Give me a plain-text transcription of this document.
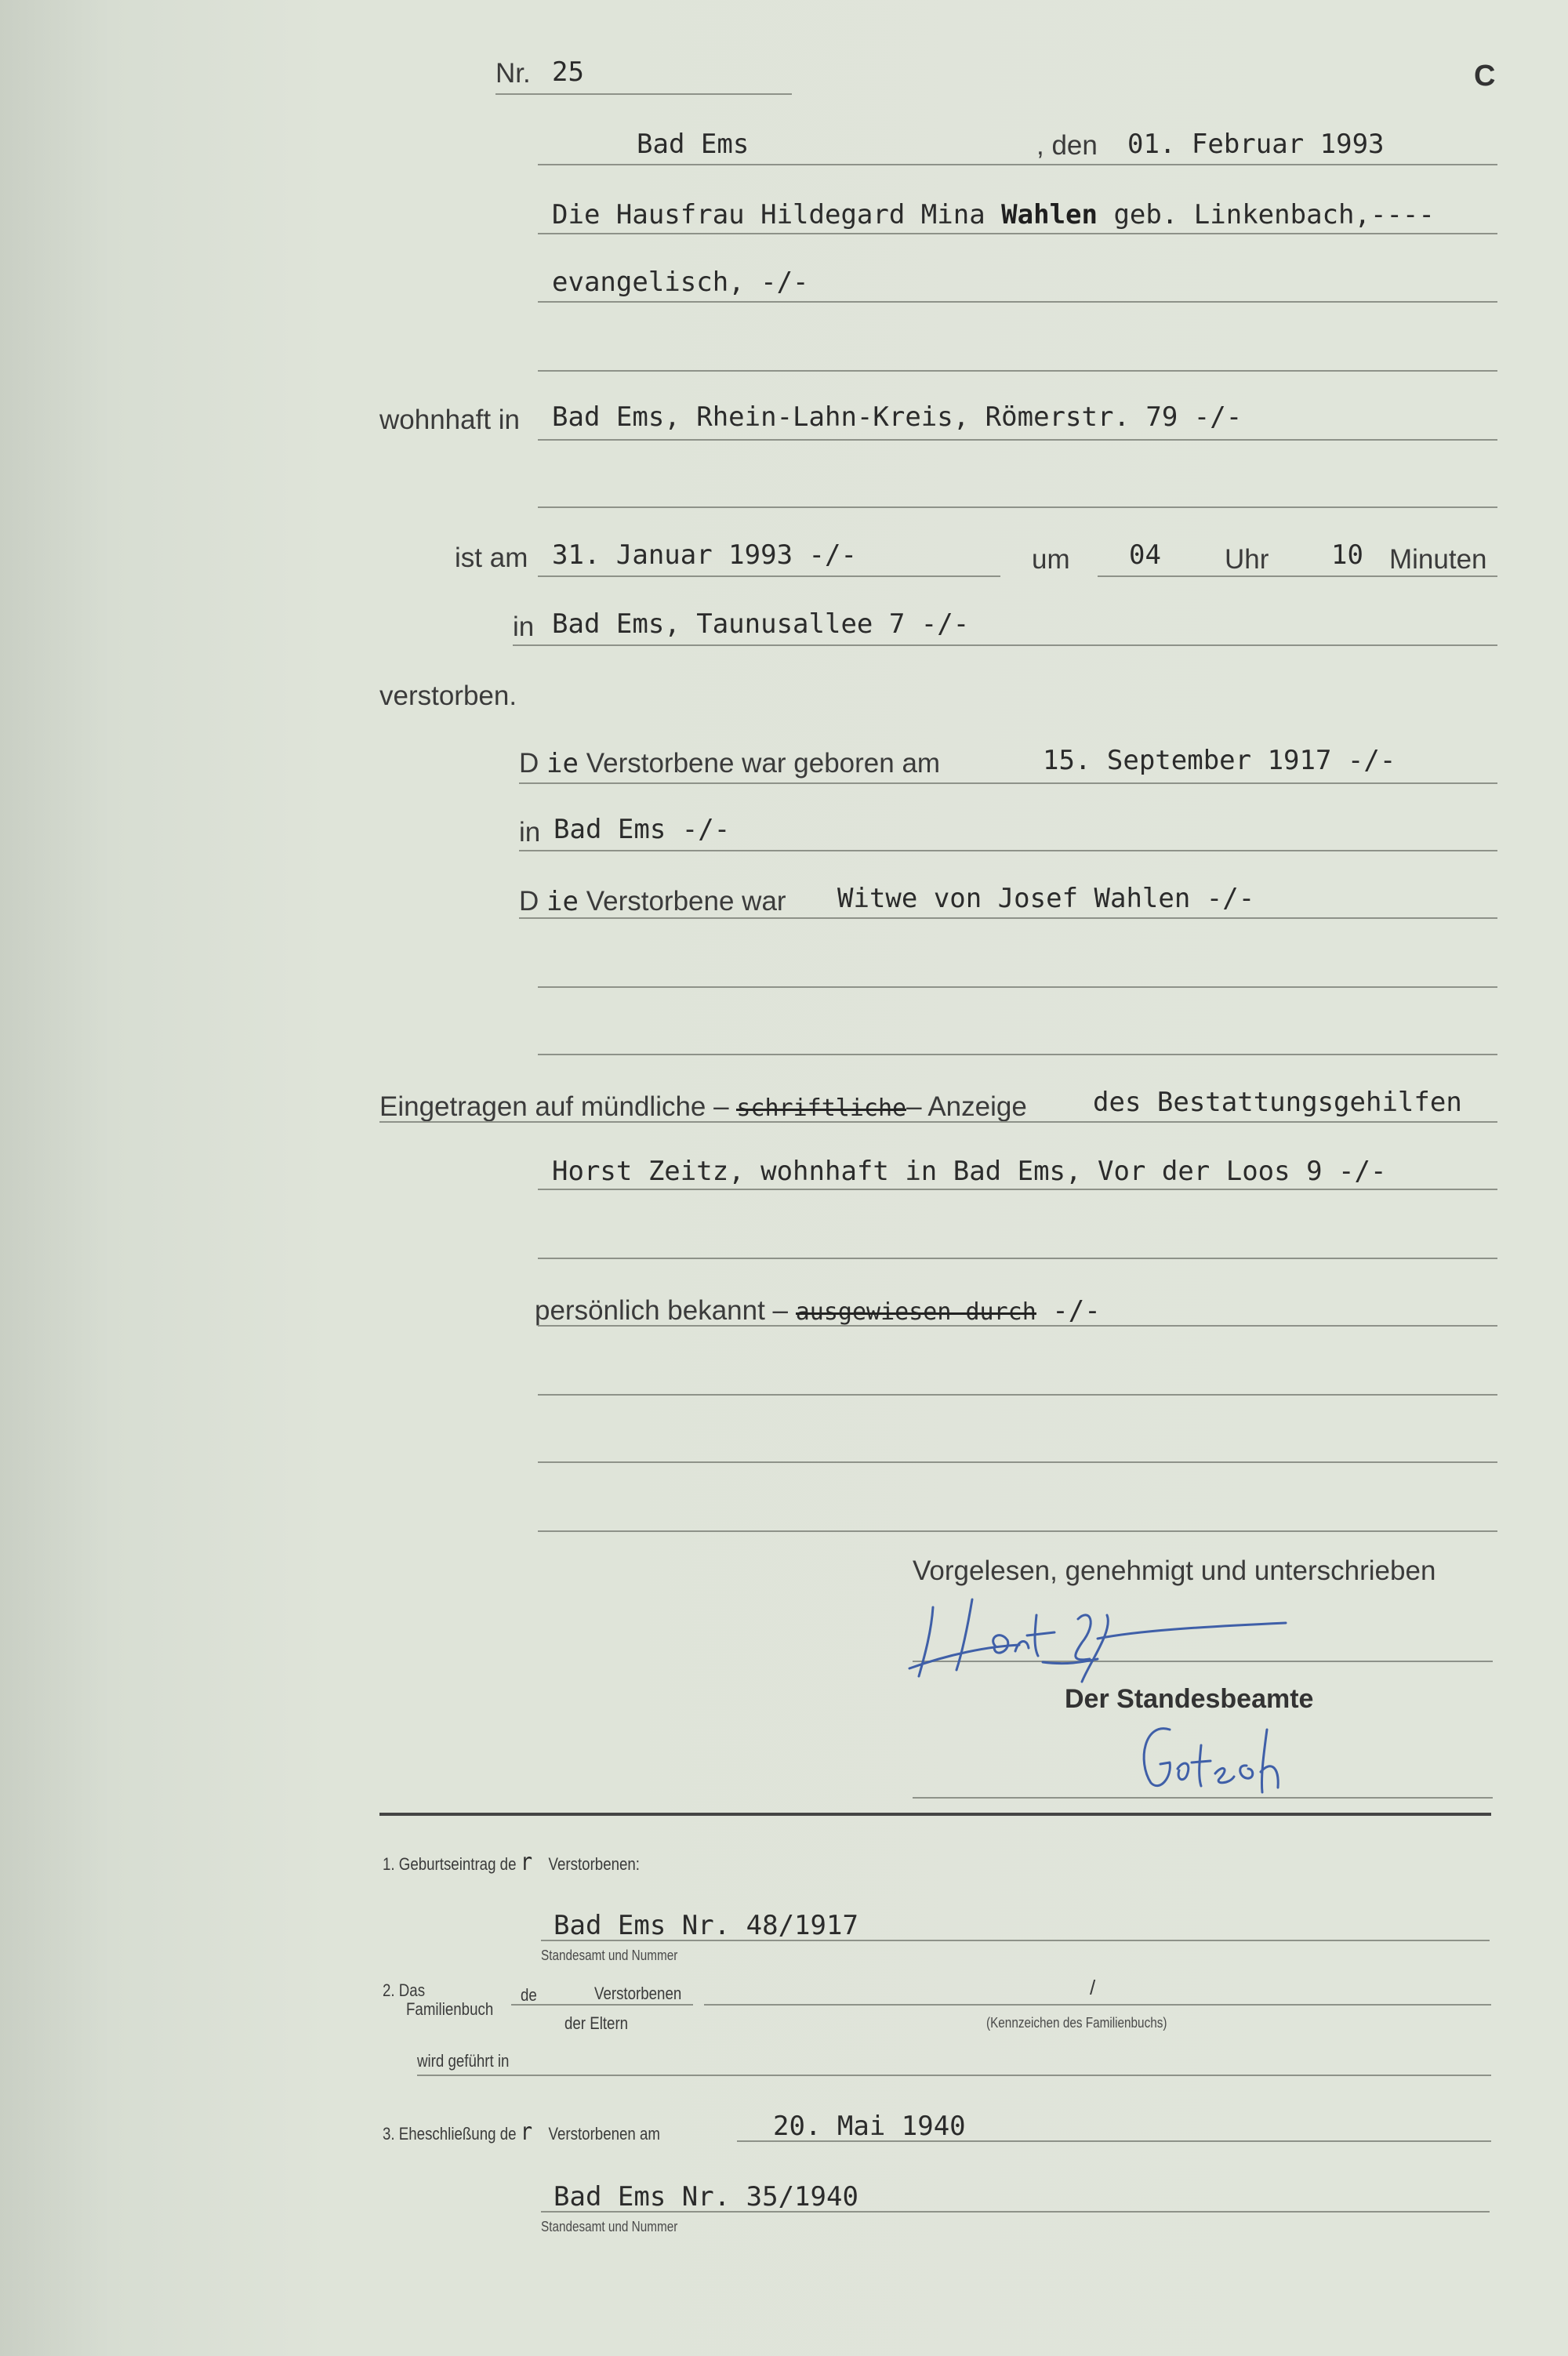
Nr. 25	C
Bad Ems	, den 01. Februar 1993
Die Hausfrau Hildegard Mina Wahlen geb. Linkenbach,----
evangelisch, -/-
wohnhaft in Bad Ems, Rhein-Lahn-Kreis, Römerstr. 79 -/-
ist am 31. Januar 1993 -/-	um 04 Uhr 10 Minuten
in Bad Ems, Taunusallee 7 -/-
verstorben.
D ie Verstorbene war geboren am	15. September 1917 -/-
in Bad Ems -/-
D ie Verstorbene war Witwe von Josef Wahlen -/-
Eingetragen auf mündliche – schriftliche– Anzeige des Bestattungsgehilfen
Horst Zeitz, wohnhaft in Bad Ems, Vor der Loos 9 -/-
persönlich bekannt – ausgewiesen durch -/-
Vorgelesen, genehmigt und unterschrieben
Der Standesbeamte
1. Geburtseintrag de r Verstorbenen:
Bad Ems Nr. 48/1917
Standesamt und Nummer
2. Das
Familienbuch
de	Verstorbenen
der Eltern
/
(Kennzeichen des Familienbuchs)
wird geführt in
3. Eheschließung de r Verstorbenen am	20. Mai 1940
Bad Ems Nr. 35/1940
Standesamt und Nummer
